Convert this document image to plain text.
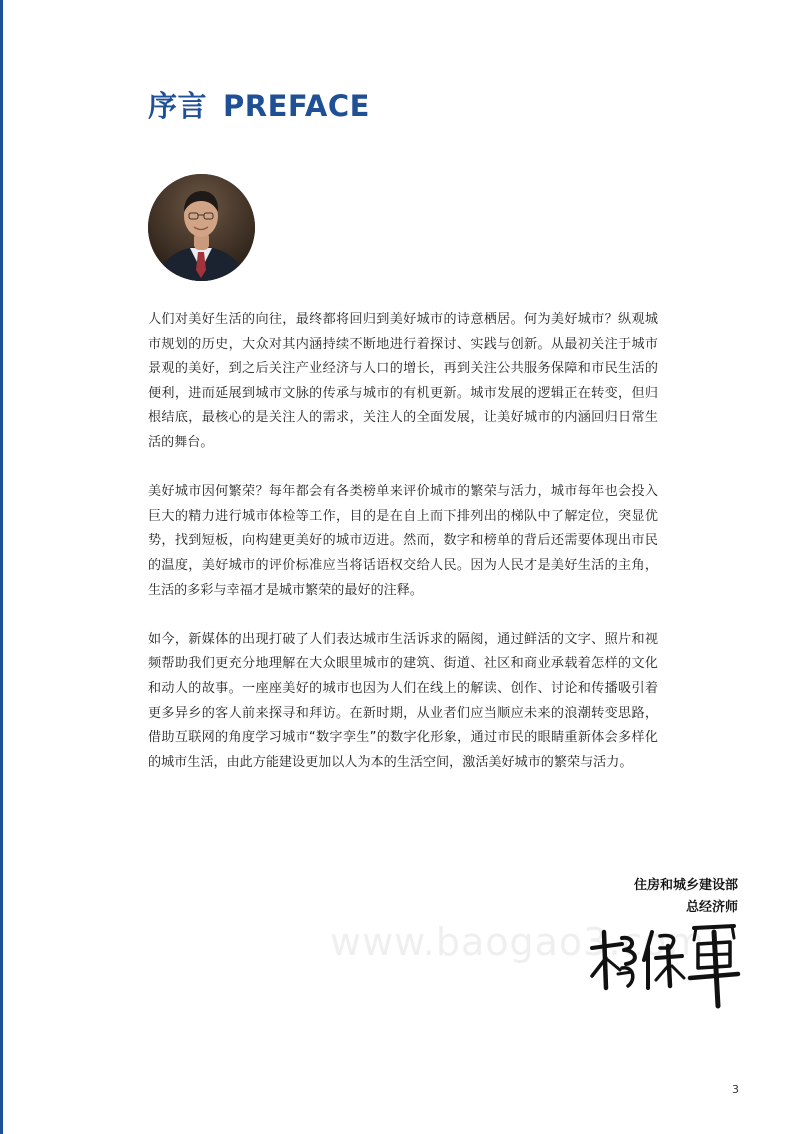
序言 PREFACE

人们对美好生活的向往，最终都将回归到美好城市的诗意栖居。何为美好城市？纵观城市规划的历史，大众对其内涵持续不断地进行着探讨、实践与创新。从最初关注于城市景观的美好，到之后关注产业经济与人口的增长，再到关注公共服务保障和市民生活的便利，进而延展到城市文脉的传承与城市的有机更新。城市发展的逻辑正在转变，但归根结底，最核心的是关注人的需求，关注人的全面发展，让美好城市的内涵回归日常生活的舞台。

美好城市因何繁荣？每年都会有各类榜单来评价城市的繁荣与活力，城市每年也会投入巨大的精力进行城市体检等工作，目的是在自上而下排列出的梯队中了解定位，突显优势，找到短板，向构建更美好的城市迈进。然而，数字和榜单的背后还需要体现出市民的温度，美好城市的评价标准应当将话语权交给人民。因为人民才是美好生活的主角，生活的多彩与幸福才是城市繁荣的最好的注释。

如今，新媒体的出现打破了人们表达城市生活诉求的隔阂，通过鲜活的文字、照片和视频帮助我们更充分地理解在大众眼里城市的建筑、街道、社区和商业承载着怎样的文化和动人的故事。一座座美好的城市也因为人们在线上的解读、创作、讨论和传播吸引着更多异乡的客人前来探寻和拜访。在新时期，从业者们应当顺应未来的浪潮转变思路，借助互联网的角度学习城市“数字孪生”的数字化形象，通过市民的眼睛重新体会多样化的城市生活，由此方能建设更加以人为本的生活空间，激活美好城市的繁荣与活力。

www.baogao3.com
住房和城乡建设部
总经济师
3
